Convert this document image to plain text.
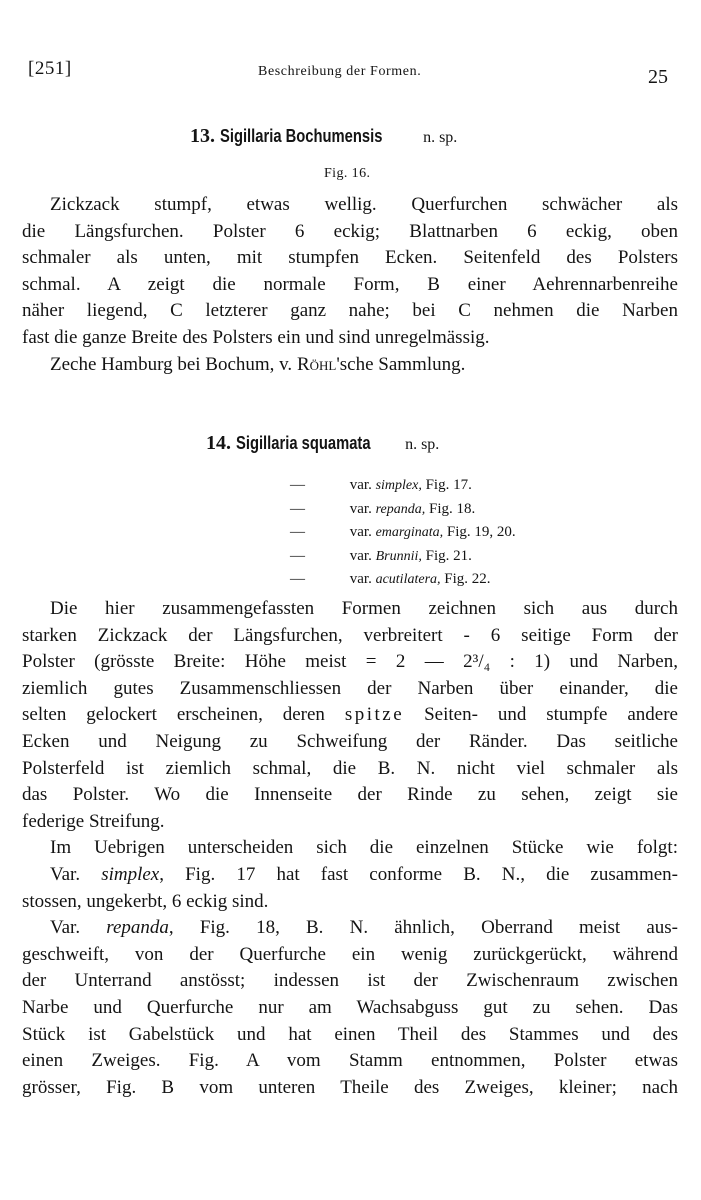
[251]	Beschreibung der Formen.	25
13. Sigillaria Bochumensis	n. sp.
Fig. 16.
Zickzack stumpf, etwas wellig. Querfurchen schwächer als
die Längsfurchen. Polster 6 eckig; Blattnarben 6 eckig, oben
schmaler als unten, mit stumpfen Ecken. Seitenfeld des Polsters
schmal. A zeigt die normale Form, B einer Aehrennarbenreihe
näher liegend, C letzterer ganz nahe; bei C nehmen die Narben
fast die ganze Breite des Polsters ein und sind unregelmässig.
Zeche Hamburg bei Bochum, v. Röhl'sche Sammlung.
14. Sigillaria squamata n. sp.
—	var. simplex, Fig. 17.
—	var. repanda, Fig. 18.
—	var. emarginata, Fig. 19, 20.
—	var. Brunnii, Fig. 21.
—	var. acutilatera, Fig. 22.
Die hier zusammengefassten Formen zeichnen sich aus durch
starken Zickzack der Längsfurchen, verbreitert - 6 seitige Form der
Polster (grösste Breite: Höhe meist = 2 — 2³/₄ : 1) und Narben,
ziemlich gutes Zusammenschliessen der Narben über einander, die
selten gelockert erscheinen, deren spitze Seiten- und stumpfe andere
Ecken und Neigung zu Schweifung der Ränder. Das seitliche
Polsterfeld ist ziemlich schmal, die B. N. nicht viel schmaler als
das Polster. Wo die Innenseite der Rinde zu sehen, zeigt sie
federige Streifung.
Im Uebrigen unterscheiden sich die einzelnen Stücke wie folgt:
Var. simplex, Fig. 17 hat fast conforme B. N., die zusammen-
stossen, ungekerbt, 6 eckig sind.
Var. repanda, Fig. 18, B. N. ähnlich, Oberrand meist aus-
geschweift, von der Querfurche ein wenig zurückgerückt, während
der Unterrand anstösst; indessen ist der Zwischenraum zwischen
Narbe und Querfurche nur am Wachsabguss gut zu sehen. Das
Stück ist Gabelstück und hat einen Theil des Stammes und des
einen Zweiges. Fig. A vom Stamm entnommen, Polster etwas
grösser, Fig. B vom unteren Theile des Zweiges, kleiner; nach
